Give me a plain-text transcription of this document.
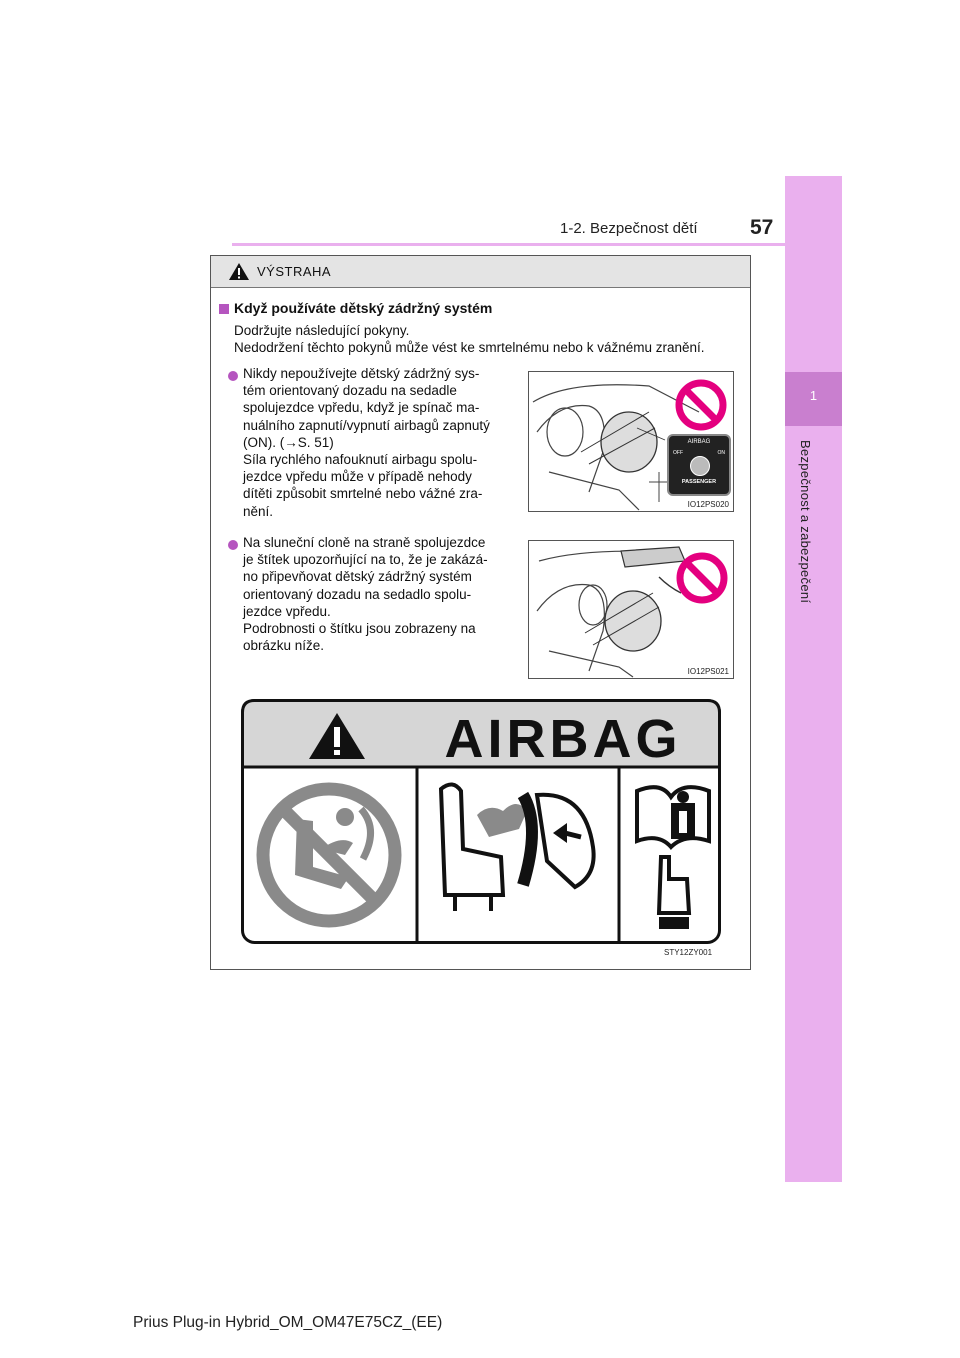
1
Bezpečnost a zabezpečení
1-2. Bezpečnost dětí 57
VÝSTRAHA
Když používáte dětský zádržný systém
Dodržujte následující pokyny.
Nedodržení těchto pokynů může vést ke smrtelnému nebo k vážnému zranění.
Nikdy nepoužívejte dětský zádržný sys-
tém orientovaný dozadu na sedadle
spolujezdce vpředu, když je spínač ma-
nuálního zapnutí/vypnutí airbagů zapnutý
(ON). (→S. 51)
Síla rychlého nafouknutí airbagu spolu-
jezdce vpředu může v případě nehody
dítěti způsobit smrtelné nebo vážné zra-
nění.
AIRBAG
OFF	ON
PASSENGER
IO12PS020
Na sluneční cloně na straně spolujezdce
je štítek upozorňující na to, že je zakázá-
no připevňovat dětský zádržný systém
orientovaný dozadu na sedadlo spolu-
jezdce vpředu.
Podrobnosti o štítku jsou zobrazeny na
obrázku níže.
IO12PS021
AIRBAG
STY12ZY001
Prius Plug-in Hybrid_OM_OM47E75CZ_(EE)
